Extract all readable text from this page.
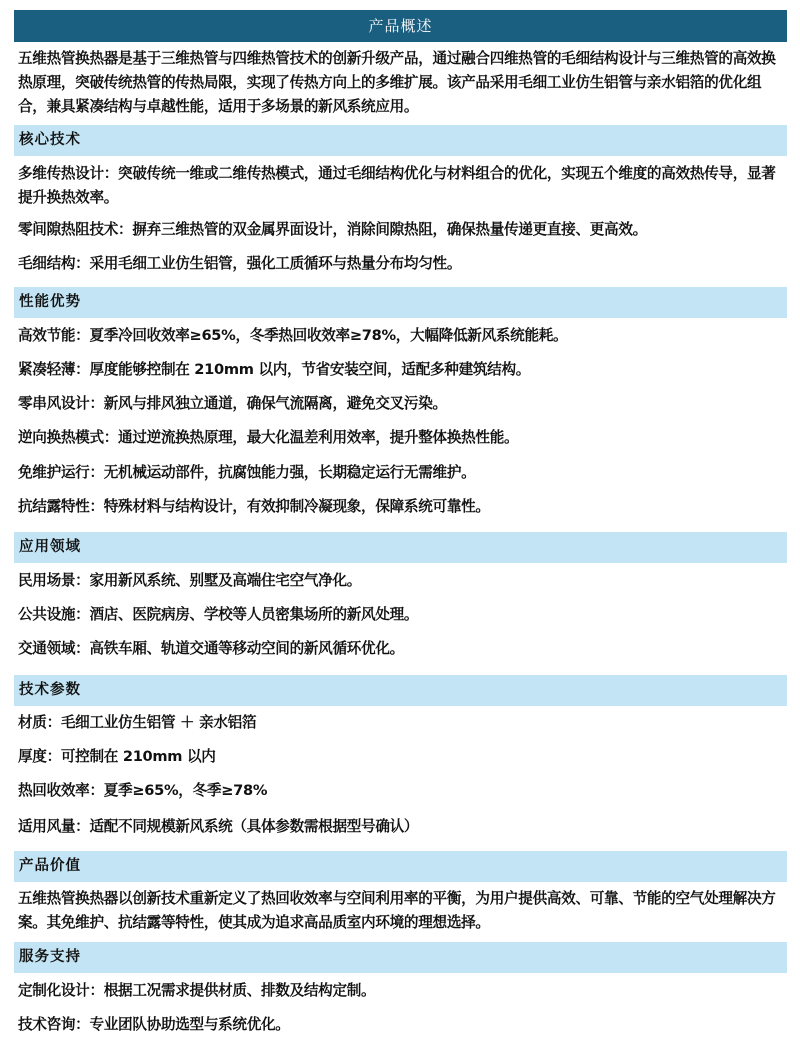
产品概述

五维热管换热器是基于三维热管与四维热管技术的创新升级产品，通过融合四维热管的毛细结构设计与三维热管的高效换热原理，突破传统热管的传热局限，实现了传热方向上的多维扩展。该产品采用毛细工业仿生铝管与亲水铝箔的优化组合，兼具紧凑结构与卓越性能，适用于多场景的新风系统应用。

核心技术

多维传热设计：突破传统一维或二维传热模式，通过毛细结构优化与材料组合的优化，实现五个维度的高效热传导，显著提升换热效率。

零间隙热阻技术：摒弃三维热管的双金属界面设计，消除间隙热阻，确保热量传递更直接、更高效。

毛细结构：采用毛细工业仿生铝管，强化工质循环与热量分布均匀性。

性能优势

高效节能：夏季冷回收效率≥65%，冬季热回收效率≥78%，大幅降低新风系统能耗。

紧凑轻薄：厚度能够控制在 210mm 以内，节省安装空间，适配多种建筑结构。

零串风设计：新风与排风独立通道，确保气流隔离，避免交叉污染。

逆向换热模式：通过逆流换热原理，最大化温差利用效率，提升整体换热性能。

免维护运行：无机械运动部件，抗腐蚀能力强，长期稳定运行无需维护。

抗结露特性：特殊材料与结构设计，有效抑制冷凝现象，保障系统可靠性。

应用领域

民用场景：家用新风系统、别墅及高端住宅空气净化。

公共设施：酒店、医院病房、学校等人员密集场所的新风处理。

交通领域：高铁车厢、轨道交通等移动空间的新风循环优化。

技术参数

材质：毛细工业仿生铝管 ＋ 亲水铝箔

厚度：可控制在 210mm 以内

热回收效率：夏季≥65%，冬季≥78%

适用风量：适配不同规模新风系统（具体参数需根据型号确认）

产品价值

五维热管换热器以创新技术重新定义了热回收效率与空间利用率的平衡，为用户提供高效、可靠、节能的空气处理解决方案。其免维护、抗结露等特性，使其成为追求高品质室内环境的理想选择。

服务支持

定制化设计：根据工况需求提供材质、排数及结构定制。

技术咨询：专业团队协助选型与系统优化。
